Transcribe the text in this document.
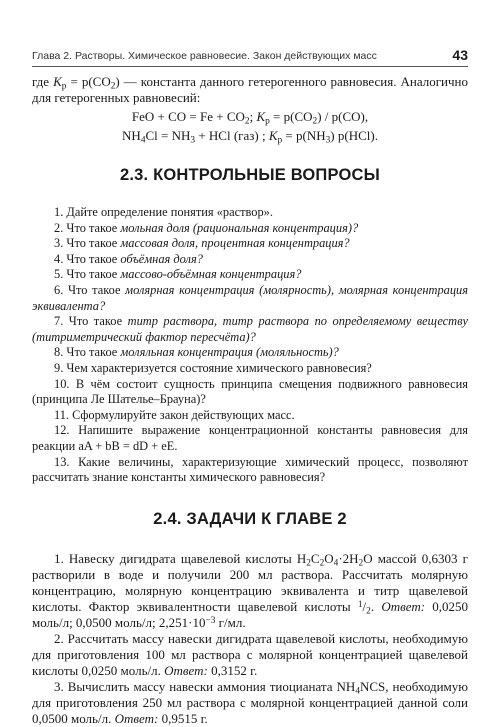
Глава 2. Растворы. Химическое равновесие. Закон действующих масс	43

где $K_р = p(CO_2)$ — константа данного гетерогенного равновесия. Аналогично для гетерогенных равновесий:

FeO + CO = $Fe + CO_2$; $K_р = p(CO_2) / p(CO)$,
$NH_4Cl = NH_3$ + HCl (газ) ; $K_р = p(NH_3)$ p(HCl).
2.3. КОНТРОЛЬНЫЕ ВОПРОСЫ
1. Дайте определение понятия «раствор».
2. Что такое мольная доля (рациональная концентрация)?
3. Что такое массовая доля, процентная концентрация?
4. Что такое объёмная доля?
5. Что такое массово-объёмная концентрация?
6. Что такое молярная концентрация (молярность), молярная концентрация эквивалента?
7. Что такое титр раствора, титр раствора по определяемому веществу (титриметрический фактор пересчёта)?
8. Что такое моляльная концентрация (моляльность)?
9. Чем характеризуется состояние химического равновесия?
10. В чём состоит сущность принципа смещения подвижного равновесия (принципа Ле Шателье–Брауна)?
11. Сформулируйте закон действующих масс.
12. Напишите выражение концентрационной константы равновесия для реакции aA + bB = dD + eE.
13. Какие величины, характеризующие химический процесс, позволяют рассчитать знание константы химического равновесия?
2.4. ЗАДАЧИ К ГЛАВЕ 2
1. Навеску дигидрата щавелевой кислоты $H_2C_2O_4\cdot 2H_2O$ массой 0,6303 г растворили в воде и получили 200 мл раствора. Рассчитать молярную концентрацию, молярную концентрацию эквивалента и титр щавелевой кислоты. Фактор эквивалентности щавелевой кислоты $^1/_2$. Ответ: 0,0250 моль/л; 0,0500 моль/л; $2,251\cdot 10^{-3}$ г/мл.
2. Рассчитать массу навески дигидрата щавелевой кислоты, необходимую для приготовления 100 мл раствора с молярной концентрацией щавелевой кислоты 0,0250 моль/л. Ответ: 0,3152 г.
3. Вычислить массу навески аммония тиоцианата $NH_4NCS$, необходимую для приготовления 250 мл раствора с молярной концентрацией данной соли 0,0500 моль/л. Ответ: 0,9515 г.
